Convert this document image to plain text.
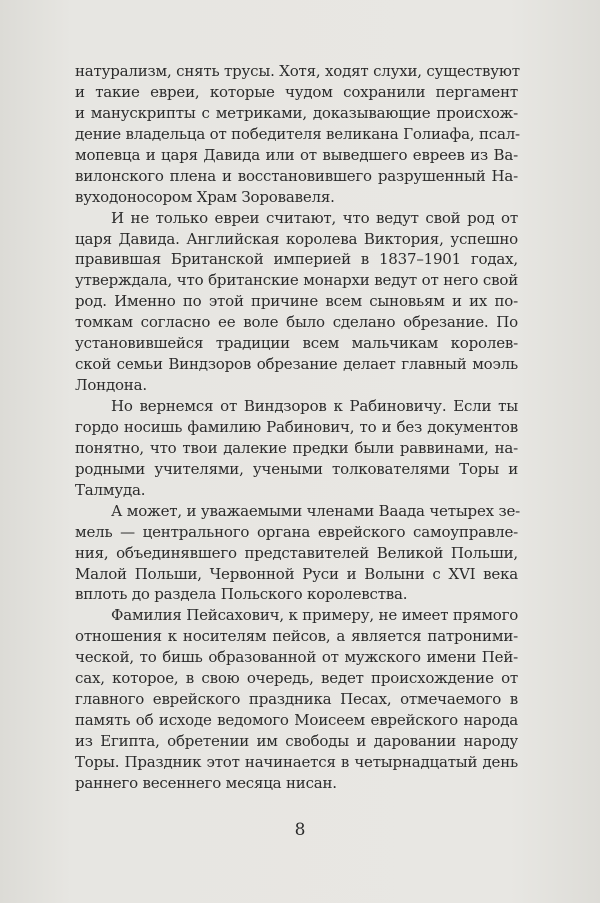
натурализм, снять трусы. Хотя, ходят слухи, существуют
и такие евреи, которые чудом сохранили пергамент
и манускрипты с метриками, доказывающие происхож-
дение владельца от победителя великана Голиафа, псал-
мопевца и царя Давида или от выведшего евреев из Ва-
вилонского плена и восстановившего разрушенный На-
вуходоносором Храм Зоровавеля.
И не только евреи считают, что ведут свой род от
царя Давида. Английская королева Виктория, успешно
правившая Британской империей в 1837–1901 годах,
утверждала, что британские монархи ведут от него свой
род. Именно по этой причине всем сыновьям и их по-
томкам согласно ее воле было сделано обрезание. По
установившейся традиции всем мальчикам королев-
ской семьи Виндзоров обрезание делает главный моэль
Лондона.
Но вернемся от Виндзоров к Рабиновичу. Если ты
гордо носишь фамилию Рабинович, то и без документов
понятно, что твои далекие предки были раввинами, на-
родными учителями, учеными толкователями Торы и
Талмуда.
А может, и уважаемыми членами Ваада четырех зе-
мель — центрального органа еврейского самоуправле-
ния, объединявшего представителей Великой Польши,
Малой Польши, Червонной Руси и Волыни с XVI века
вплоть до раздела Польского королевства.
Фамилия Пейсахович, к примеру, не имеет прямого
отношения к носителям пейсов, а является патроними-
ческой, то бишь образованной от мужского имени Пей-
сах, которое, в свою очередь, ведет происхождение от
главного еврейского праздника Песах, отмечаемого в
память об исходе ведомого Моисеем еврейского народа
из Египта, обретении им свободы и даровании народу
Торы. Праздник этот начинается в четырнадцатый день
раннего весеннего месяца нисан.
8
